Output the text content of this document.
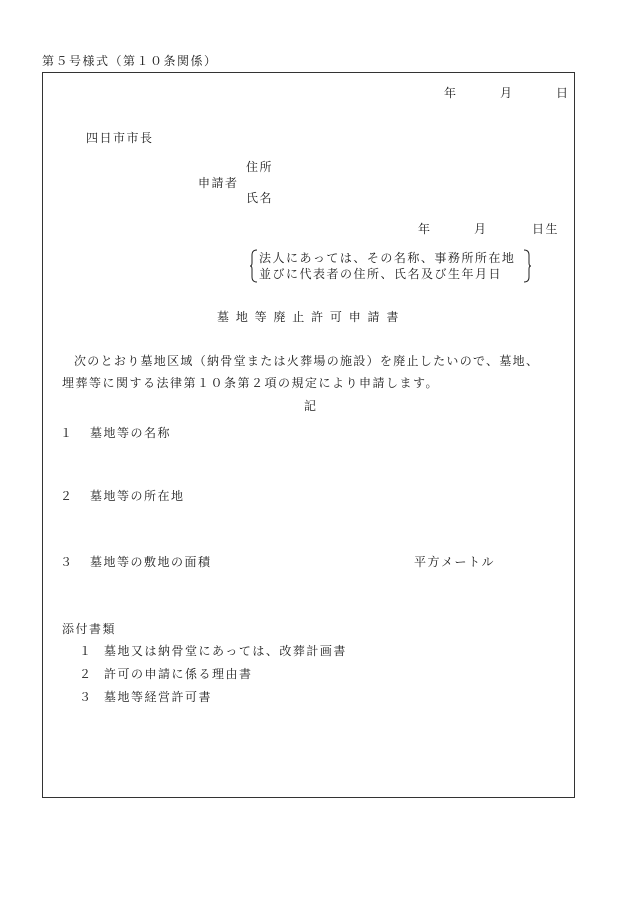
第５号様式（第１０条関係）
年	月	日
四日市市長
住所
申請者
氏名
年	月	日生
法人にあっては、その名称、事務所所在地
並びに代表者の住所、氏名及び生年月日
墓 地 等 廃 止 許 可 申 請 書
次のとおり墓地区域（納骨堂または火葬場の施設）を廃止したいので、墓地、
埋葬等に関する法律第１０条第２項の規定により申請します。
記
１ 墓地等の名称
２ 墓地等の所在地
３ 墓地等の敷地の面積	平方メートル
添付書類
１ 墓地又は納骨堂にあっては、改葬計画書
２ 許可の申請に係る理由書
３ 墓地等経営許可書
